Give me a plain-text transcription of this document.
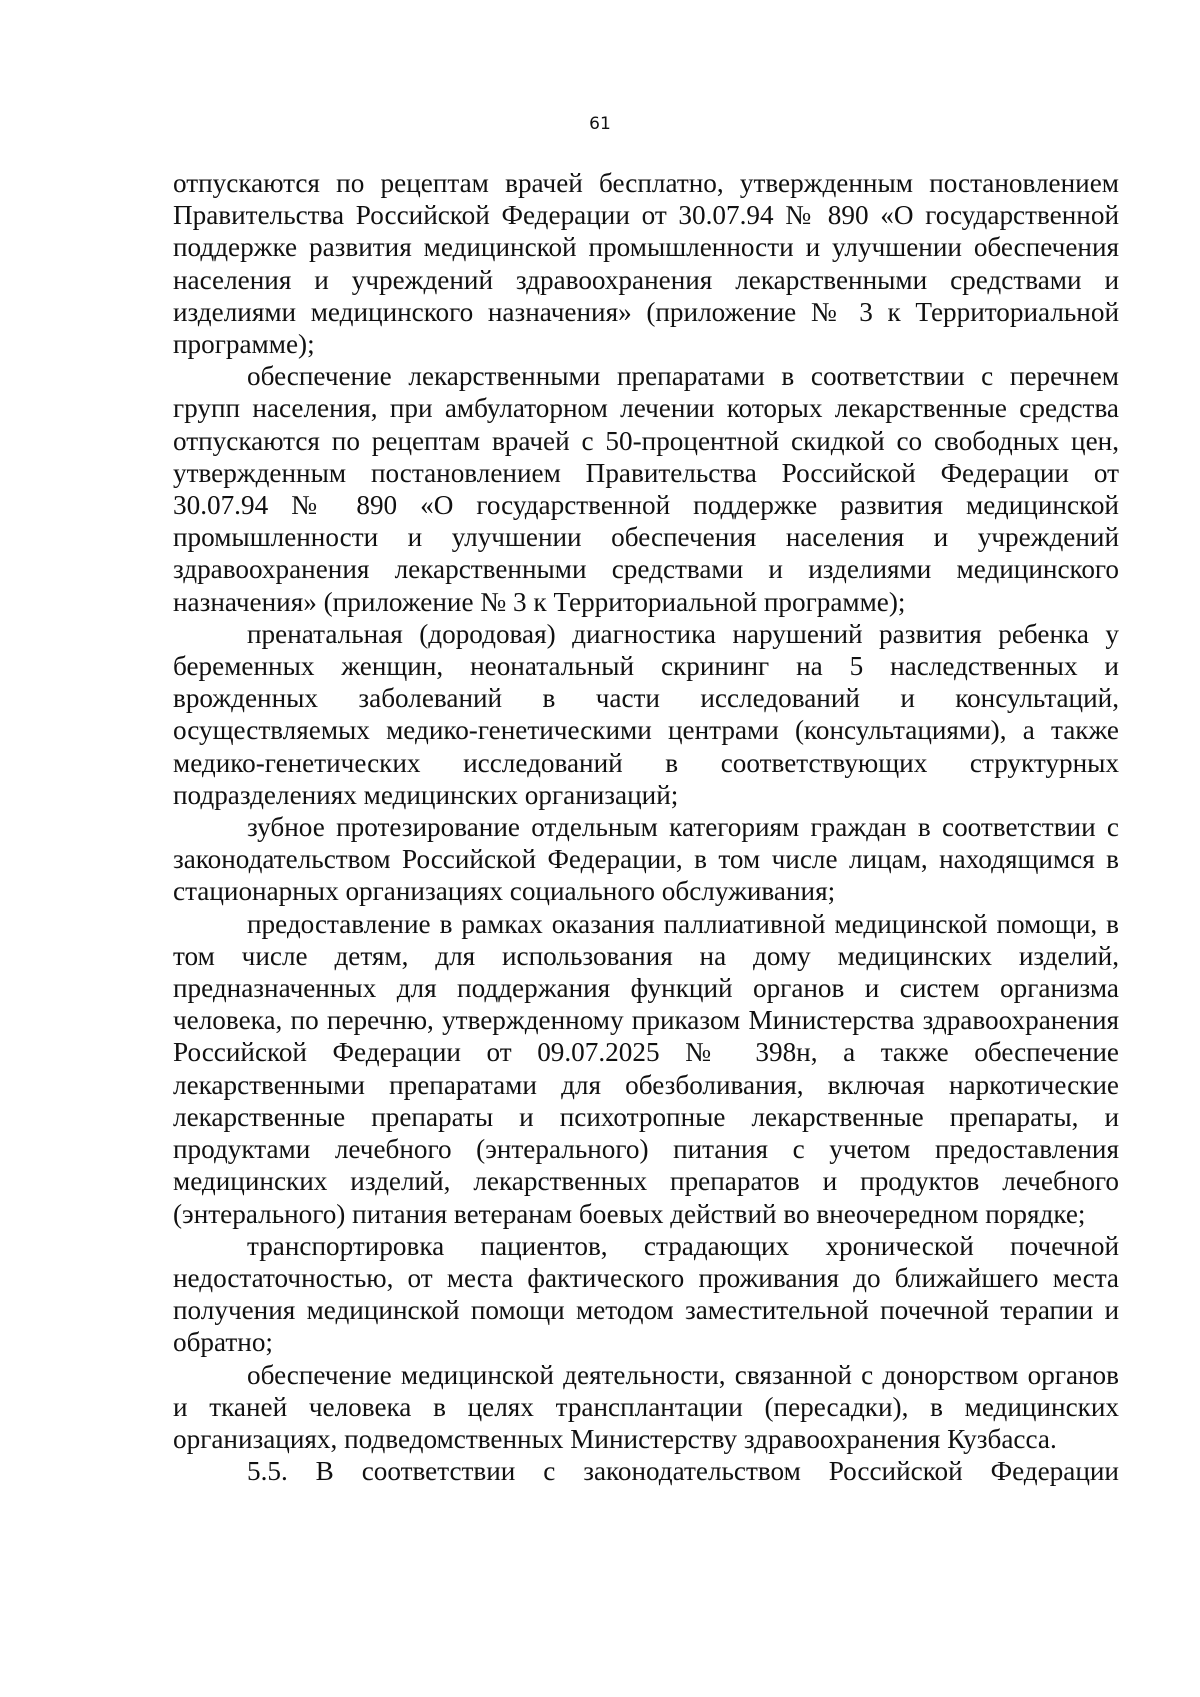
61

отпускаются по рецептам врачей бесплатно, утвержденным постановлением Правительства Российской Федерации от 30.07.94 № 890 «О государственной поддержке развития медицинской промышленности и улучшении обеспечения населения и учреждений здравоохранения лекарственными средствами и изделиями медицинского назначения» (приложение № 3 к Территориальной программе);

обеспечение лекарственными препаратами в соответствии с перечнем групп населения, при амбулаторном лечении которых лекарственные средства отпускаются по рецептам врачей с 50-процентной скидкой со свободных цен, утвержденным постановлением Правительства Российской Федерации от 30.07.94 № 890 «О государственной поддержке развития медицинской промышленности и улучшении обеспечения населения и учреждений здравоохранения лекарственными средствами и изделиями медицинского назначения» (приложение № 3 к Территориальной программе);

пренатальная (дородовая) диагностика нарушений развития ребенка у беременных женщин, неонатальный скрининг на 5 наследственных и врожденных заболеваний в части исследований и консультаций, осуществляемых медико-генетическими центрами (консультациями), а также медико-генетических исследований в соответствующих структурных подразделениях медицинских организаций;

зубное протезирование отдельным категориям граждан в соответствии с законодательством Российской Федерации, в том числе лицам, находящимся в стационарных организациях социального обслуживания;

предоставление в рамках оказания паллиативной медицинской помощи, в том числе детям, для использования на дому медицинских изделий, предназначенных для поддержания функций органов и систем организма человека, по перечню, утвержденному приказом Министерства здравоохранения Российской Федерации от 09.07.2025 № 398н, а также обеспечение лекарственными препаратами для обезболивания, включая наркотические лекарственные препараты и психотропные лекарственные препараты, и продуктами лечебного (энтерального) питания с учетом предоставления медицинских изделий, лекарственных препаратов и продуктов лечебного (энтерального) питания ветеранам боевых действий во внеочередном порядке;

транспортировка пациентов, страдающих хронической почечной недостаточностью, от места фактического проживания до ближайшего места получения медицинской помощи методом заместительной почечной терапии и обратно;

обеспечение медицинской деятельности, связанной с донорством органов и тканей человека в целях трансплантации (пересадки), в медицинских организациях, подведомственных Министерству здравоохранения Кузбасса.

5.5. В соответствии с законодательством Российской Федерации
